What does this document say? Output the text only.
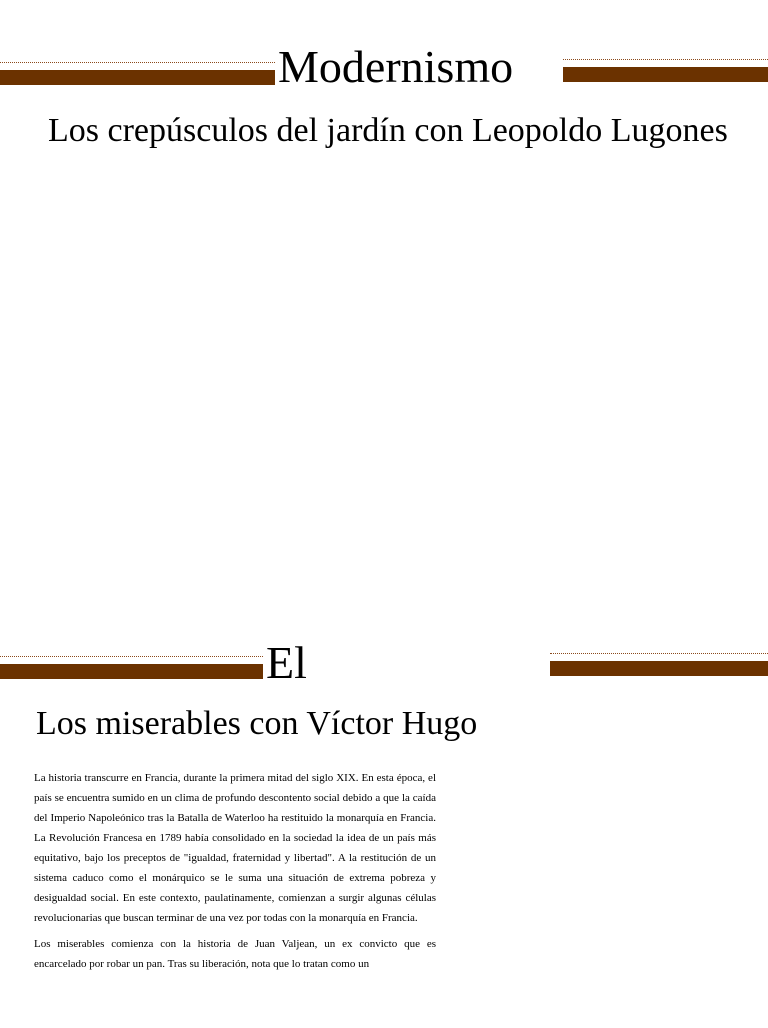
Modernismo
Los crepúsculos del jardín con Leopoldo Lugones
El
Los miserables con Víctor Hugo

La historia transcurre en Francia, durante la primera mitad del siglo XIX. En esta época, el país se encuentra sumido en un clima de profundo descontento social debido a que la caída del Imperio Napoleónico tras la Batalla de Waterloo ha restituido la monarquía en Francia. La Revolución Francesa en 1789 había consolidado en la sociedad la idea de un país más equitativo, bajo los preceptos de "igualdad, fraternidad y libertad". A la restitución de un sistema caduco como el monárquico se le suma una situación de extrema pobreza y desigualdad social. En este contexto, paulatinamente, comienzan a surgir algunas células revolucionarias que buscan terminar de una vez por todas con la monarquía en Francia.

Los miserables comienza con la historia de Juan Valjean, un ex convicto que es encarcelado por robar un pan. Tras su liberación, nota que lo tratan como un
